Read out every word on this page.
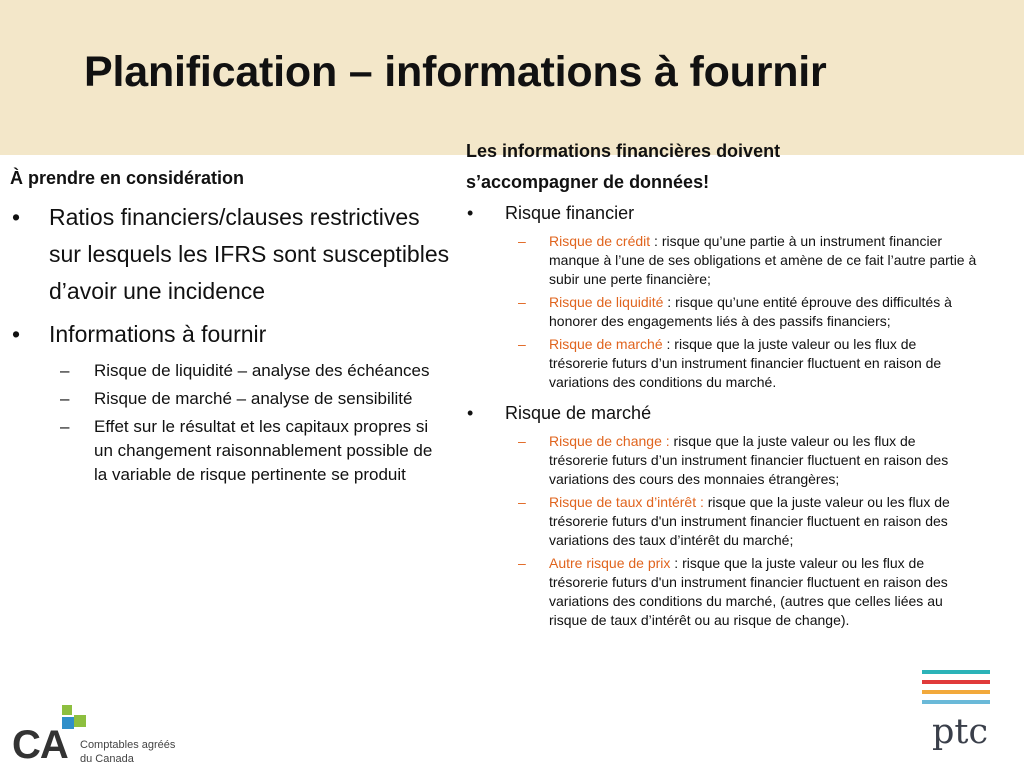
Planification – informations à fournir
À prendre en considération
• Ratios financiers/clauses restrictives sur lesquels les IFRS sont susceptibles d’avoir une incidence
• Informations à fournir
– Risque de liquidité – analyse des échéances
– Risque de marché – analyse de sensibilité
– Effet sur le résultat et les capitaux propres si un changement raisonnablement possible de la variable de risque pertinente se produit
Les informations financières doivent s’accompagner de données!
• Risque financier
– Risque de crédit : risque qu’une partie à un instrument financier manque à l’une de ses obligations et amène de ce fait l’autre partie à subir une perte financière;
– Risque de liquidité : risque qu’une entité éprouve des difficultés à honorer des engagements liés à des passifs financiers;
– Risque de marché : risque que la juste valeur ou les flux de trésorerie futurs d’un instrument financier fluctuent en raison de variations des conditions du marché.
• Risque de marché
– Risque de change : risque que la juste valeur ou les flux de trésorerie futurs d’un instrument financier fluctuent en raison des variations des cours des monnaies étrangères;
– Risque de taux d’intérêt : risque que la juste valeur ou les flux de trésorerie futurs d'un instrument financier fluctuent en raison des variations des taux d’intérêt du marché;
– Autre risque de prix : risque que la juste valeur ou les flux de trésorerie futurs d'un instrument financier fluctuent en raison des variations des conditions du marché, (autres que celles liées au risque de taux d’intérêt ou au risque de change).
CA Comptables agréés
du Canada
ptc
